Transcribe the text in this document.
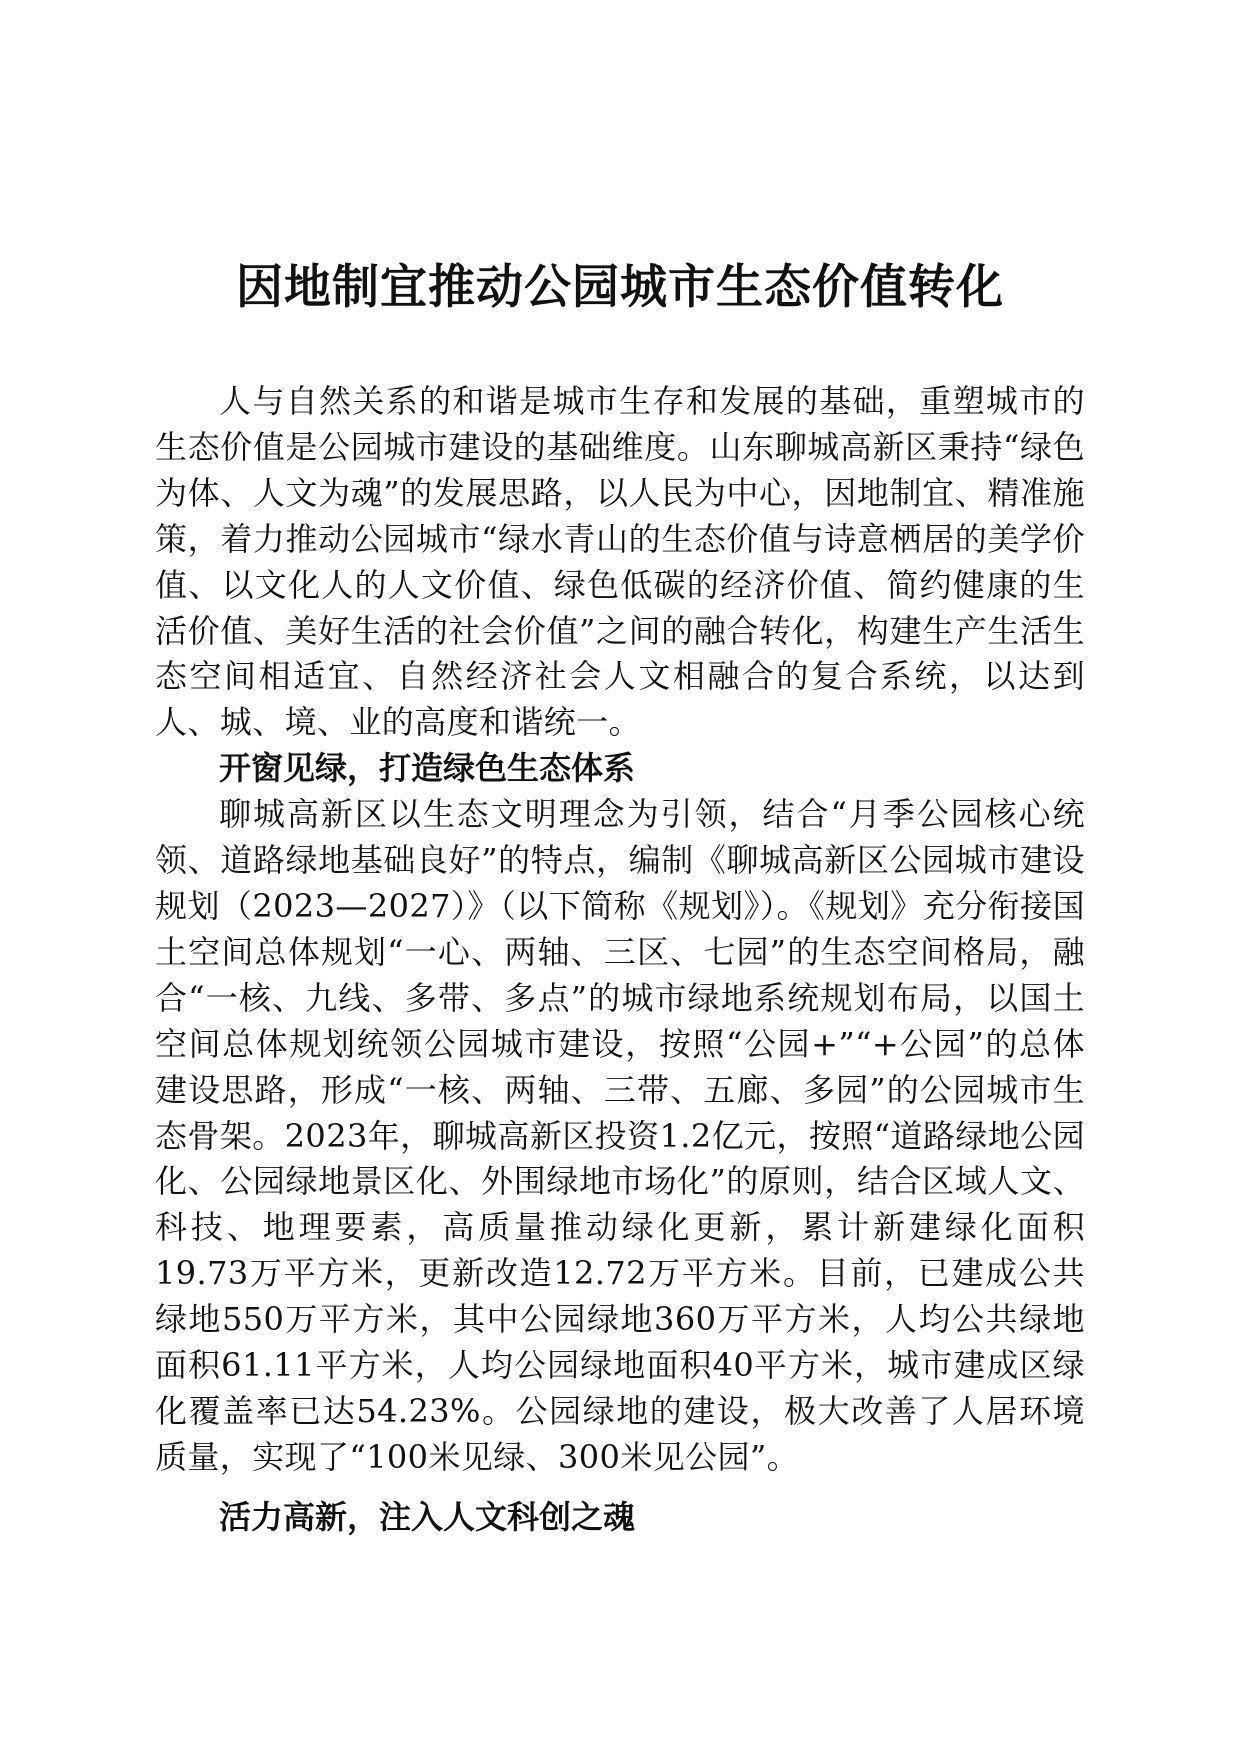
因地制宜推动公园城市生态价值转化

人与自然关系的和谐是城市生存和发展的基础，重塑城市的生态价值是公园城市建设的基础维度。山东聊城高新区秉持“绿色为体、人文为魂”的发展思路，以人民为中心，因地制宜、精准施策，着力推动公园城市“绿水青山的生态价值与诗意栖居的美学价值、以文化人的人文价值、绿色低碳的经济价值、简约健康的生活价值、美好生活的社会价值”之间的融合转化，构建生产生活生态空间相适宜、自然经济社会人文相融合的复合系统，以达到人、城、境、业的高度和谐统一。

开窗见绿，打造绿色生态体系

聊城高新区以生态文明理念为引领，结合“月季公园核心统领、道路绿地基础良好”的特点，编制《聊城高新区公园城市建设规划（2023—2027）》（以下简称《规划》）。《规划》充分衔接国土空间总体规划“一心、两轴、三区、七园”的生态空间格局，融合“一核、九线、多带、多点”的城市绿地系统规划布局，以国土空间总体规划统领公园城市建设，按照“公园+”“+公园”的总体建设思路，形成“一核、两轴、三带、五廊、多园”的公园城市生态骨架。2023年，聊城高新区投资1.2亿元，按照“道路绿地公园化、公园绿地景区化、外围绿地市场化”的原则，结合区域人文、科技、地理要素，高质量推动绿化更新，累计新建绿化面积19.73万平方米，更新改造12.72万平方米。目前，已建成公共绿地550万平方米，其中公园绿地360万平方米，人均公共绿地面积61.11平方米，人均公园绿地面积40平方米，城市建成区绿化覆盖率已达54.23%。公园绿地的建设，极大改善了人居环境质量，实现了“100米见绿、300米见公园”。

活力高新，注入人文科创之魂
